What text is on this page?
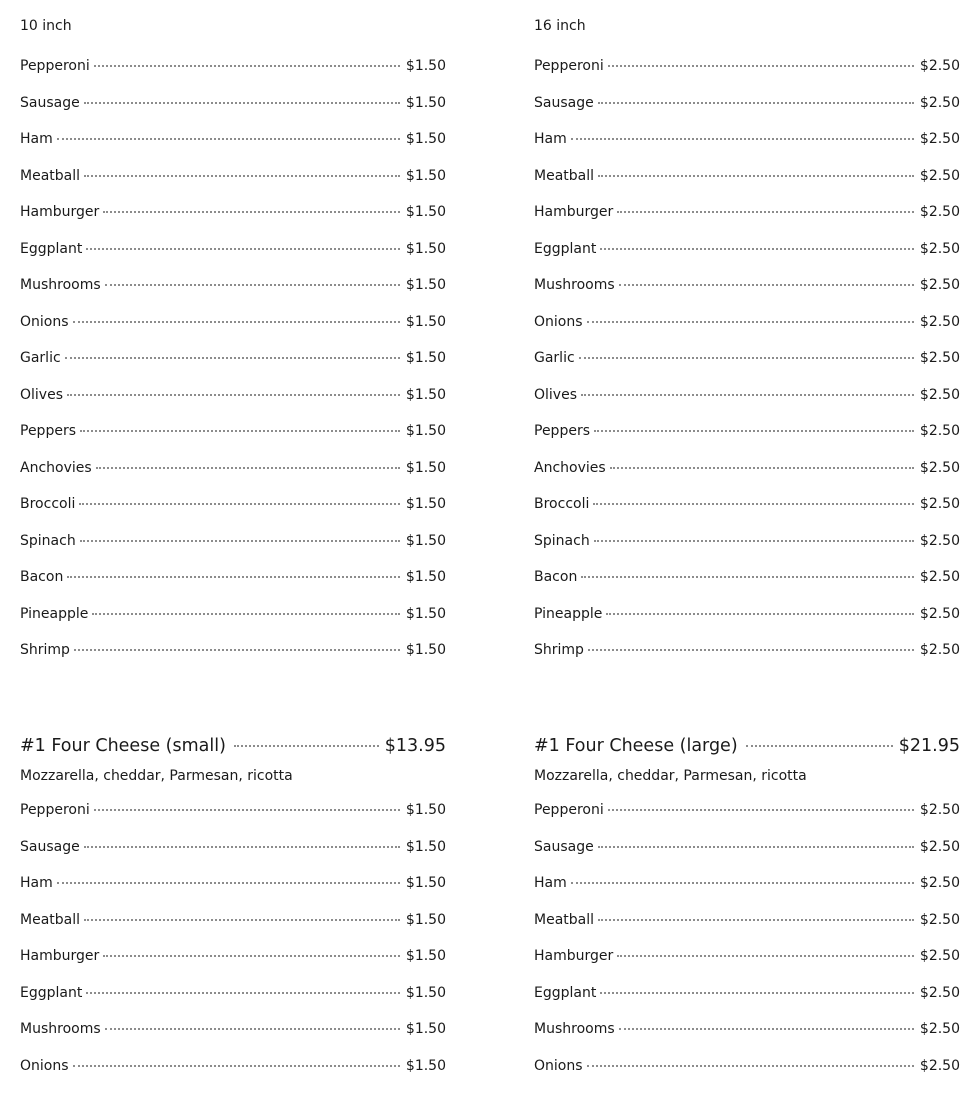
10 inch
Pepperoni	$1.50
Sausage	$1.50
Ham	$1.50
Meatball	$1.50
Hamburger	$1.50
Eggplant	$1.50
Mushrooms	$1.50
Onions	$1.50
Garlic	$1.50
Olives	$1.50
Peppers	$1.50
Anchovies	$1.50
Broccoli	$1.50
Spinach	$1.50
Bacon	$1.50
Pineapple	$1.50
Shrimp	$1.50
16 inch
Pepperoni	$2.50
Sausage	$2.50
Ham	$2.50
Meatball	$2.50
Hamburger	$2.50
Eggplant	$2.50
Mushrooms	$2.50
Onions	$2.50
Garlic	$2.50
Olives	$2.50
Peppers	$2.50
Anchovies	$2.50
Broccoli	$2.50
Spinach	$2.50
Bacon	$2.50
Pineapple	$2.50
Shrimp	$2.50
#1 Four Cheese (small)	$13.95
Mozzarella, cheddar, Parmesan, ricotta
Pepperoni	$1.50
Sausage	$1.50
Ham	$1.50
Meatball	$1.50
Hamburger	$1.50
Eggplant	$1.50
Mushrooms	$1.50
Onions	$1.50
#1 Four Cheese (large)	$21.95
Mozzarella, cheddar, Parmesan, ricotta
Pepperoni	$2.50
Sausage	$2.50
Ham	$2.50
Meatball	$2.50
Hamburger	$2.50
Eggplant	$2.50
Mushrooms	$2.50
Onions	$2.50
